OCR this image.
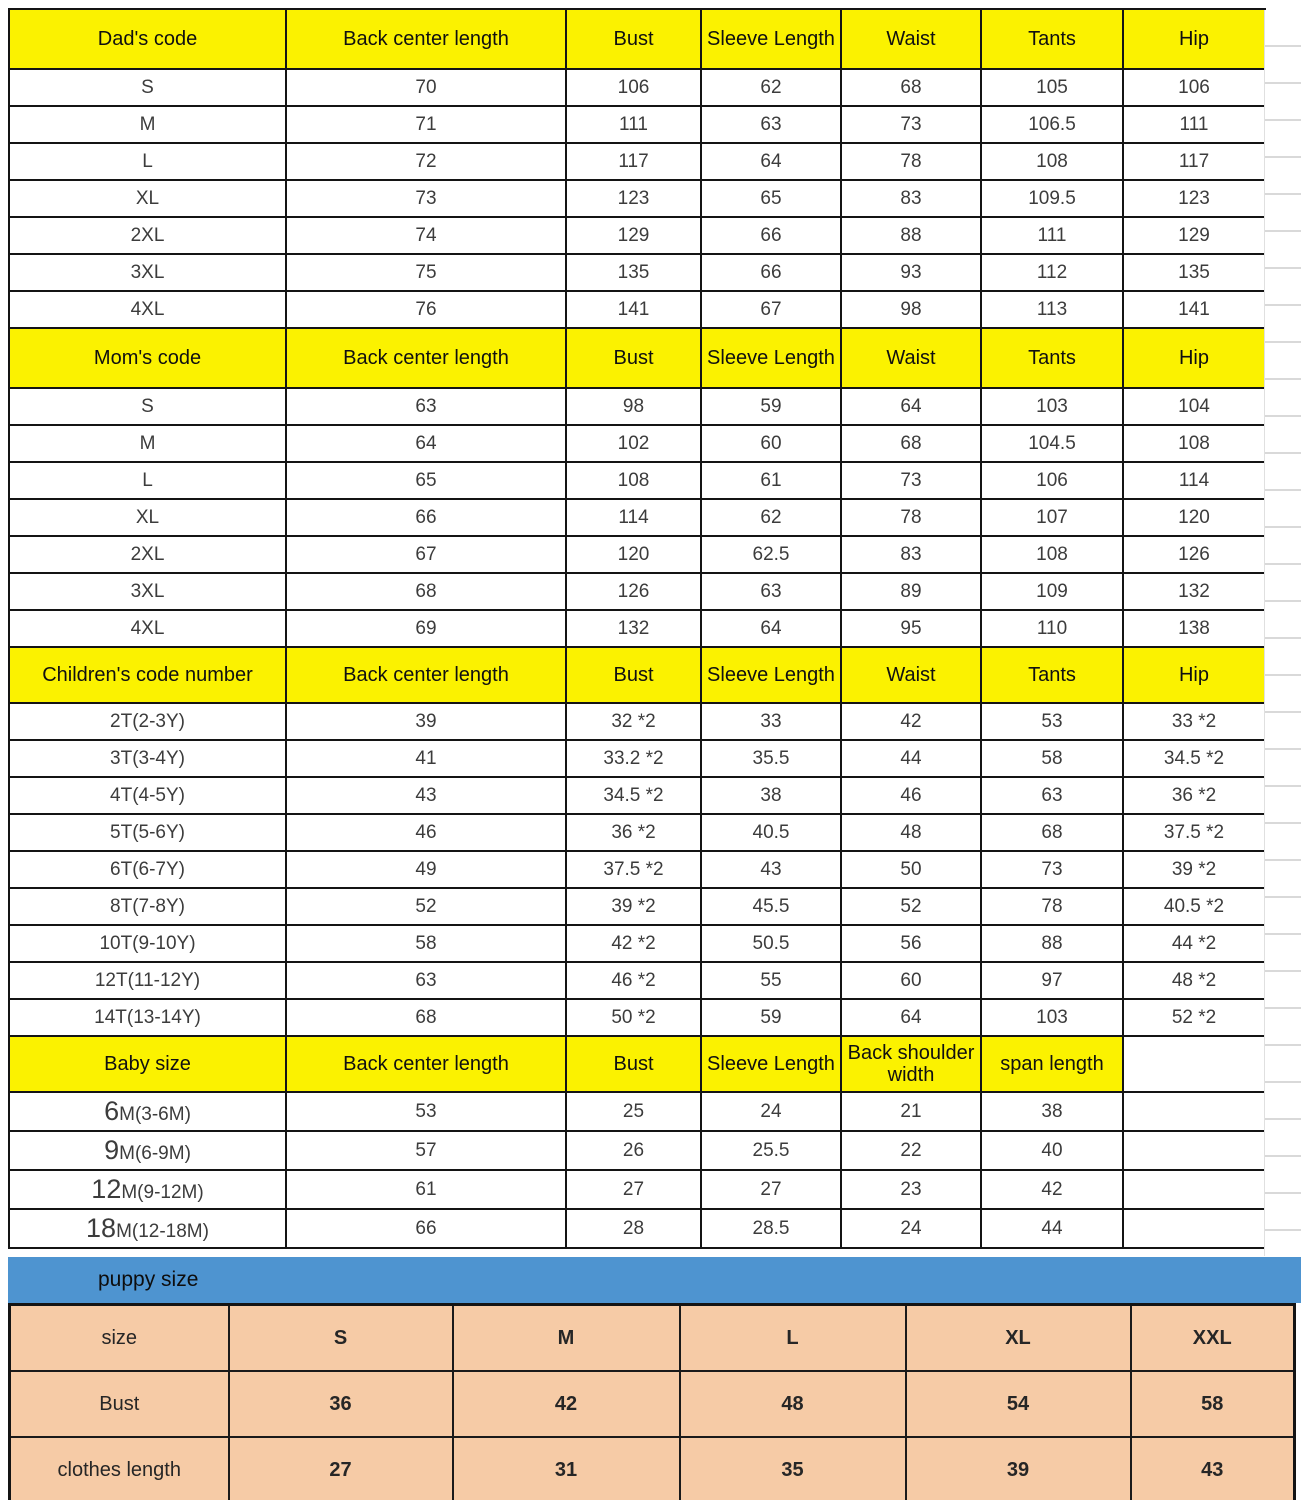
Dad's code	Back center length	Bust	Sleeve Length	Waist	Tants	Hip
S	70	106	62	68	105	106
M	71	111	63	73	106.5	111
L	72	117	64	78	108	117
XL	73	123	65	83	109.5	123
2XL	74	129	66	88	111	129
3XL	75	135	66	93	112	135
4XL	76	141	67	98	113	141
Mom's code	Back center length	Bust	Sleeve Length	Waist	Tants	Hip
S	63	98	59	64	103	104
M	64	102	60	68	104.5	108
L	65	108	61	73	106	114
XL	66	114	62	78	107	120
2XL	67	120	62.5	83	108	126
3XL	68	126	63	89	109	132
4XL	69	132	64	95	110	138
Children's code number	Back center length	Bust	Sleeve Length	Waist	Tants	Hip
2T(2-3Y)	39	32 *2	33	42	53	33 *2
3T(3-4Y)	41	33.2 *2	35.5	44	58	34.5 *2
4T(4-5Y)	43	34.5 *2	38	46	63	36 *2
5T(5-6Y)	46	36 *2	40.5	48	68	37.5 *2
6T(6-7Y)	49	37.5 *2	43	50	73	39 *2
8T(7-8Y)	52	39 *2	45.5	52	78	40.5 *2
10T(9-10Y)	58	42 *2	50.5	56	88	44 *2
12T(11-12Y)	63	46 *2	55	60	97	48 *2
14T(13-14Y)	68	50 *2	59	64	103	52 *2
Baby size	Back center length	Bust	Sleeve Length	Back shoulder width	span length	
6M(3-6M)	53	25	24	21	38	
9M(6-9M)	57	26	25.5	22	40	
12M(9-12M)	61	27	27	23	42	
18M(12-18M)	66	28	28.5	24	44	
puppy size
size	S	M	L	XL	XXL
Bust	36	42	48	54	58
clothes length	27	31	35	39	43
